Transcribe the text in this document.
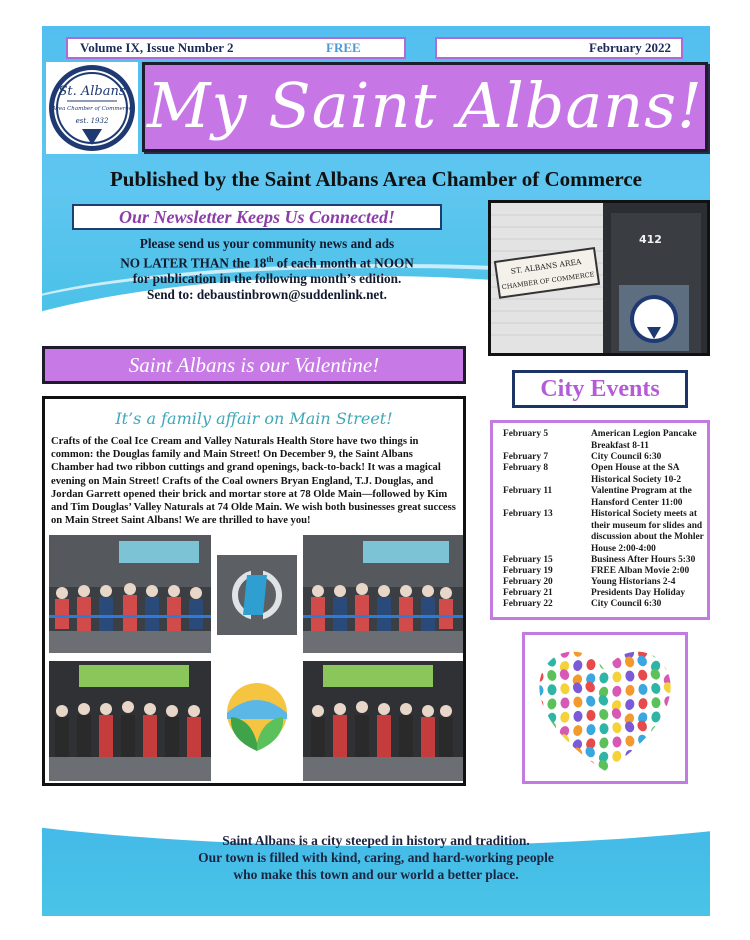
Volume IX, Issue Number 2	FREE	February 2022
St. Albans
Area Chamber of Commerce
est. 1932 My Saint Albans!
Published by the Saint Albans Area Chamber of Commerce
Our Newsletter Keeps Us Connected!
Please send us your community news and ads
NO LATER THAN the 18th of each month at NOON
for publication in the following month’s edition.
Send to: debaustinbrown@suddenlink.net.
412
ST. ALBANS AREA
CHAMBER OF COMMERCE
Saint Albans is our Valentine!
It’s a family affair on Main Street!
Crafts of the Coal Ice Cream and Valley Naturals Health Store have two things in common: the Douglas family and Main Street! On December 9, the Saint Albans Chamber had two ribbon cuttings and grand openings, back-to-back! It was a magical evening on Main Street! Crafts of the Coal owners Bryan England, T.J. Douglas, and Jordan Garrett opened their brick and mortar store at 78 Olde Main—followed by Kim and Tim Douglas’ Valley Naturals at 74 Olde Main. We wish both businesses great success on Main Street Saint Albans! We are thrilled to have you!
City Events
February 5	American Legion Pancake Breakfast 8-11
February 7	City Council 6:30
February 8	Open House at the SA Historical Society 10-2
February 11	Valentine Program at the Hansford Center 11:00
February 13	Historical Society meets at their museum for slides and discussion about the Mohler House 2:00-4:00
February 15	Business After Hours 5:30
February 19	FREE Alban Movie 2:00
February 20	Young Historians 2-4
February 21	Presidents Day Holiday
February 22	City Council 6:30
Saint Albans is a city steeped in history and tradition.
Our town is filled with kind, caring, and hard-working people
who make this town and our world a better place.
